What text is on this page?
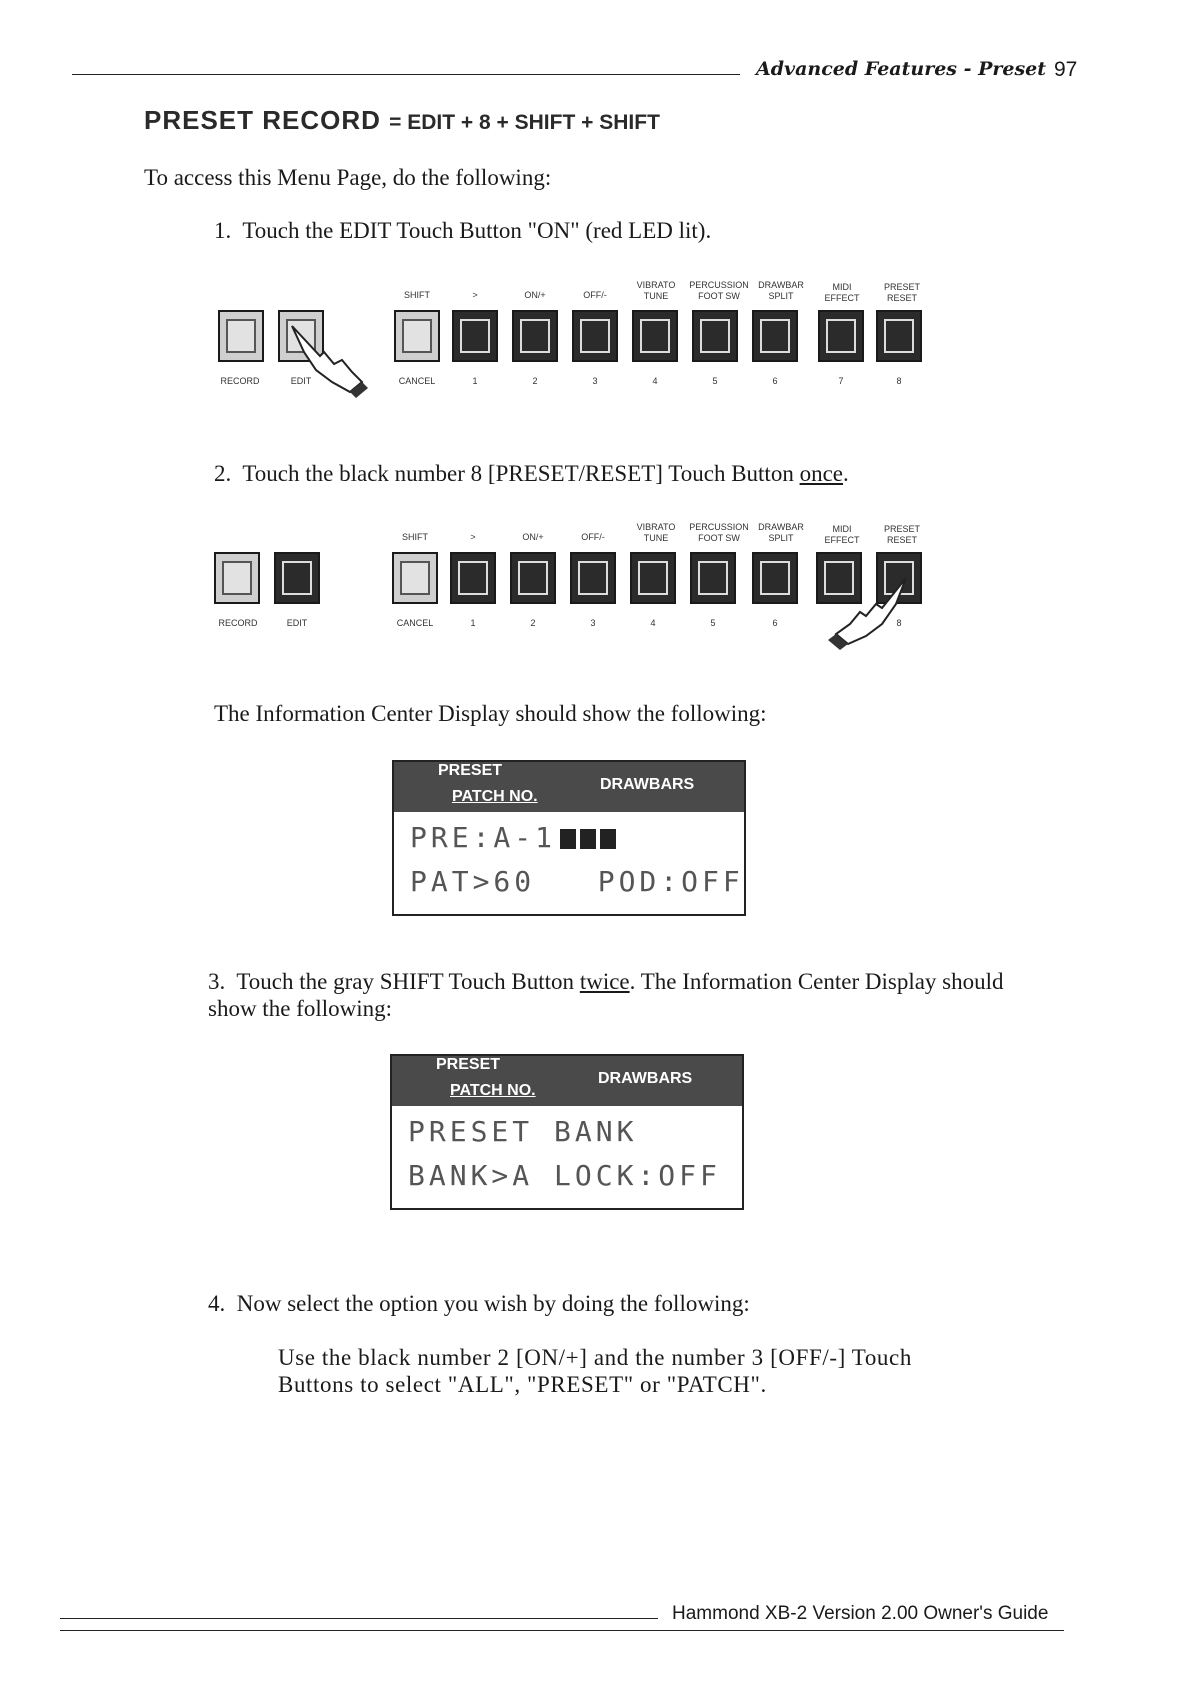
Advanced Features - Preset 97
PRESET RECORD = EDIT + 8 + SHIFT + SHIFT
To access this Menu Page, do the following:
1. Touch the EDIT Touch Button "ON" (red LED lit).
SHIFT	>	ON/+	OFF/-
VIBRATO
TUNE
PERCUSSION
FOOT SW
DRAWBAR
SPLIT
MIDI
EFFECT
PRESET
RESET
RECORD	EDIT	CANCEL	1	2	3	4	5	6	7	8
2. Touch the black number 8 [PRESET/RESET] Touch Button once.
SHIFT	>	ON/+	OFF/-
VIBRATO
TUNE
PERCUSSION
FOOT SW
DRAWBAR
SPLIT
MIDI
EFFECT
PRESET
RESET
RECORD	EDIT	CANCEL	1	2	3	4	5	6	8
The Information Center Display should show the following:
PRESET
PATCH NO.
DRAWBARS
PRE:A-1
PAT>60   POD:OFF
3. Touch the gray SHIFT Touch Button twice. The Information Center Display should
show the following:
PRESET
PATCH NO.
DRAWBARS
PRESET BANK
BANK>A LOCK:OFF
4. Now select the option you wish by doing the following:
Use the black number 2 [ON/+] and the number 3 [OFF/-] Touch
Buttons to select "ALL", "PRESET" or "PATCH".
Hammond XB-2 Version 2.00 Owner's Guide
